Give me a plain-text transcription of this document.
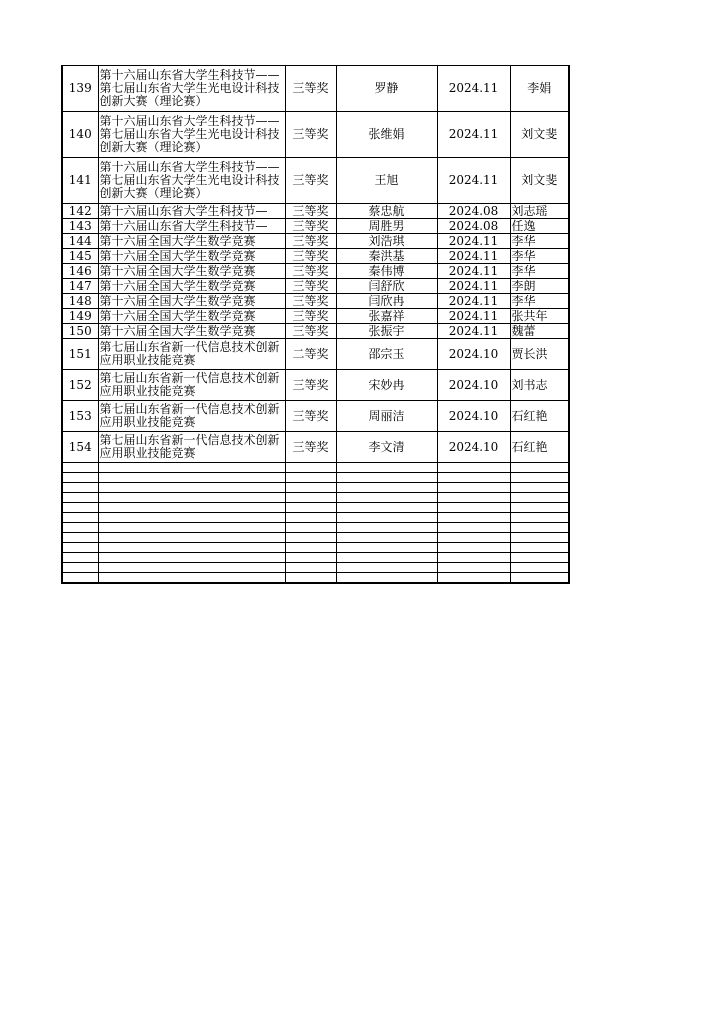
139	第十六届山东省大学生科技节——第七届山东省大学生光电设计科技创新大赛（理论赛）	三等奖	罗静	2024.11	李娟
140	第十六届山东省大学生科技节——第七届山东省大学生光电设计科技创新大赛（理论赛）	三等奖	张维娟	2024.11	刘文斐
141	第十六届山东省大学生科技节——第七届山东省大学生光电设计科技创新大赛（理论赛）	三等奖	王旭	2024.11	刘文斐
142	第十六届山东省大学生科技节—	三等奖	蔡忠航	2024.08	刘志瑶
143	第十六届山东省大学生科技节—	三等奖	周胜男	2024.08	任逸
144	第十六届全国大学生数学竞赛	三等奖	刘浩琪	2024.11	李华
145	第十六届全国大学生数学竞赛	三等奖	秦洪基	2024.11	李华
146	第十六届全国大学生数学竞赛	三等奖	秦伟博	2024.11	李华
147	第十六届全国大学生数学竞赛	三等奖	闫舒欣	2024.11	李朗
148	第十六届全国大学生数学竞赛	三等奖	闫欣冉	2024.11	李华
149	第十六届全国大学生数学竞赛	三等奖	张嘉祥	2024.11	张共年
150	第十六届全国大学生数学竞赛	三等奖	张振宇	2024.11	魏蕾
151	第七届山东省新一代信息技术创新应用职业技能竞赛	二等奖	邵宗玉	2024.10	贾长洪
152	第七届山东省新一代信息技术创新应用职业技能竞赛	三等奖	宋妙冉	2024.10	刘书志
153	第七届山东省新一代信息技术创新应用职业技能竞赛	三等奖	周丽洁	2024.10	石红艳
154	第七届山东省新一代信息技术创新应用职业技能竞赛	三等奖	李文清	2024.10	石红艳
